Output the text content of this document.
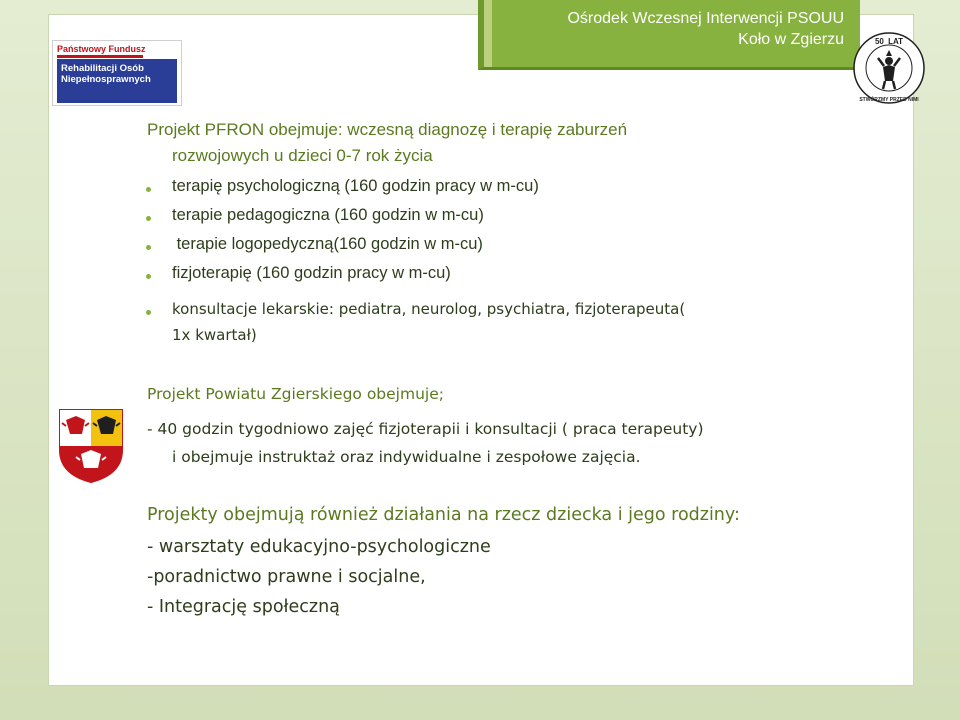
Ośrodek Wczesnej Interwencji PSOUU
Koło w Zgierzu
Państwowy Fundusz
Rehabilitacji Osób
Niepełnosprawnych
50 LAT
STWÓRZMY PRZED NIMI
Projekt PFRON obejmuje: wczesną diagnozę i terapię zaburzeń
rozwojowych u dzieci 0-7 rok życia
terapię psychologiczną (160 godzin pracy w m-cu)
terapie pedagogiczna (160 godzin w m-cu)
terapie logopedyczną(160 godzin w m-cu)
fizjoterapię (160 godzin pracy w m-cu)
konsultacje lekarskie: pediatra, neurolog, psychiatra, fizjoterapeuta(
1x kwartał)
Projekt Powiatu Zgierskiego obejmuje;
- 40 godzin tygodniowo zajęć fizjoterapii i konsultacji ( praca terapeuty)
i obejmuje instruktaż oraz indywidualne i zespołowe zajęcia.
Projekty obejmują również działania na rzecz dziecka i jego rodziny:
- warsztaty edukacyjno-psychologiczne
-poradnictwo prawne i socjalne,
- Integrację społeczną
